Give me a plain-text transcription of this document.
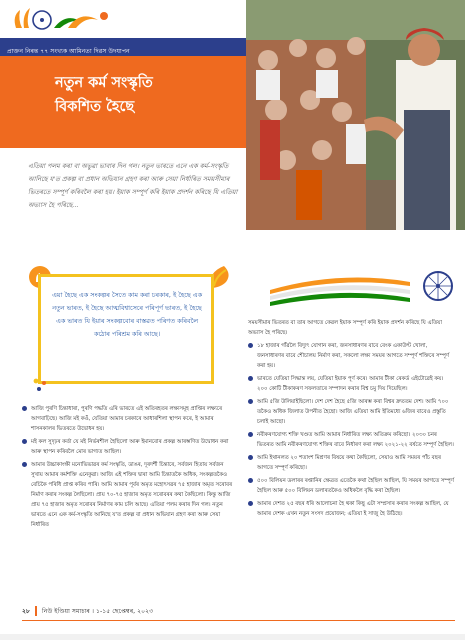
প্ৰাক্তন নিৰন্ত ৭৭ সংখ্যক আমিনতা দিৱস উদযাপন
নতুন কৰ্ম সংস্কৃতি
বিকশিত হৈছে
এতিয়া পলম কৰা বা অভুৱা ভাবাৰ দিন গল। নতুন ভাৰতে এনে এক কৰ্ম-সংস্কৃতি আনিছে য'ত প্ৰকল্প বা প্ৰধান অভিযান গ্ৰহণ কৰা আৰু সেয়া নিৰ্ধাৰিত সময়সীমাৰ ভিতৰতে সম্পূৰ্ণ কৰিবলৈ কৰা হয়। ইয়াক সম্পূৰ্ণ কৰি ইয়াক প্ৰদৰ্শন কৰিছে যি এতিয়া অভ্যাস হৈ পৰিছে...
এয়া হৈছে এক সংকল্পৰ সৈতে কাম কৰা চৰকাৰ, ই হৈছে এক নতুন ভাৰত, ই হৈছে আত্মবিশ্বাসেৰে পৰিপূৰ্ণ ভাৰত, ই হৈছে এক ভাৰত যি ইয়াৰ সংকল্পবোৰ বাস্তৱত পৰিণত কৰিবলৈ কঠোৰ পৰিশ্ৰম কৰি আছে।

সময়সীমাৰ ভিতৰত বা তাৰ আগতে কেৱল ইয়াক সম্পূৰ্ণ কৰি ইয়াক প্ৰদৰ্শন কৰিছে যি এতিয়া অভ্যাস হৈ পৰিছে।

১৮ হাজাৰ গাঁৱলৈ বিদ্যুৎ যোগান কৰা, জনসাধাৰণৰ বাবে বেংক একাউণ্ট খোলা, জনসাধাৰণৰ বাবে শৌচালয় নিৰ্মাণ কৰা, সকলো লক্ষ্য সময়ৰ আগতে সম্পূৰ্ণ শক্তিৰে সম্পূৰ্ণ কৰা হয়।
ভাৰতে যেতিয়া সিদ্ধান্ত লয়, যেতিয়া ইয়াক পূৰ্ণ কৰে। আমাৰ টীকা ৰেকৰ্ড এইটোৱেই কয়। ২০০ কোটি টীকাকৰণ সফলতাৰে সম্পাদন কৰাৰ বিশ্ব চমু দিয় দিয়েছিল।
আমি ৫জি উলিয়াইছিলো। দেশ দেশ হৈছে ৫জি আৰম্ভ কৰা বিশ্বৰ দ্ৰুততম দেশ। আমি ৭০০ তকৈও অধিক জিলাত উপনীত হৈছো। আজি এতিয়া আমি ইতিমধ্যে ৬জিৰ বাবেও প্ৰস্তুতি চলাই আছো।
নবীকৰণযোগ্য শক্তি খণ্ডত আমি আমাৰ নিৰ্ধাৰিত লক্ষ্য অতিক্ৰম কৰিছো। ২০৩০ চনৰ ভিতৰত আমি নবীকৰণযোগ্য শক্তিৰ বাবে নিৰ্ধাৰণ কৰা লক্ষ্য ২০২১-২২ বৰ্ষতে সম্পূৰ্ণ হৈছিল।
আমি ইথানলত ২০ শতাংশ মিশ্ৰণৰ বিষয়ে কথা কৈছিলো, সেয়াও আমি সময়ৰ পাঁচ বছৰ আগতে সম্পূৰ্ণ কৰিছো।
৫০০ বিলিয়ন ডলাৰৰ ৰপ্তানিৰ ক্ষেত্ৰত এতেকৈ কথা হৈছিল আছিল, যি সময়ৰ আগতে সম্পূৰ্ণ হৈছিল আৰু ৫০০ বিলিয়ন ডলাৰতকৈও অধিকলৈ বৃদ্ধি কৰা হৈছিল।
আমাৰ দেশত ২৫ বছৰ ধৰি আলোচনা হৈ থকা কিছু এটা সম্প্ৰসাৰ কৰাৰ সংকল্প আছিল, যে আমাৰ দেশক এখন নতুন সংসদ প্ৰয়োজন; এতিয়া ই সাজু হৈ উঠিছে।
আজি পুৰণি চিন্তাধাৰা, পুৰণি পদ্ধতি এৰি ভাৰতে এই অতিৰহতৰ লক্ষ্যসমূহ প্ৰাপ্তিৰ লক্ষ্যৰে আগবাঢ়িছে। আজি মই কওঁ, যেতিয়া আমাৰ চৰকাৰে আধাৰশিলা স্থাপন কৰে, ই আমাৰ শাসনকালৰ ভিতৰতে উদ্বোধন হয়।
মই কল সুদৃঢ়ৰ কৰ্তা যে মই নিৰ্ভৰশীল হৈছিলো আৰু ইমানবোৰ প্ৰকল্প আৰম্ভণিত উদ্বোধন কৰা আৰু স্থাপন কৰিবলৈ মোৰ ভাগ্যত আছিল।
আমাৰ উচ্চাকাংক্ষী মনোভিভাৱৰ কৰ্ম সংস্কৃতি, ডাঙৰ, দূৰদৰ্শী চিন্তাৰে, সৰ্বজন হিতায় সৰ্বজন সুখায় আমাৰ কৰ্মশক্তি এনেকুৱা। আজি এই শক্তিৰ দ্বাৰা আমি চিন্তাতকৈ অধিক, সংকল্পতকৈও বেচিকৈ পৰিধি প্ৰাপ্ত কৰিব পাৰি। আমি আমাৰ পূৰ্বৰ অমৃত মহোৎসৱৰ ৭৫ হাজাৰ অমৃত সৰোবৰ নিৰ্মাণ কৰাৰ সংকল্প লৈছিলো। প্ৰায় ৭০-৭৫ হাজাৰ অমৃত সৰোবৰৰ কথা কৈছিলো। কিন্তু আজি প্ৰায় ৭৫ হাজাৰ অমৃত সৰোবৰ নিৰ্মাণৰ কাম চলি আছে। এতিয়া পলম কৰাৰ দিন গল। নতুন ভাৰতে এনে এক কৰ্ম-সংস্কৃতি আনিছে য'ত প্ৰকল্প বা প্ৰধান অভিযান গ্ৰহণ কৰা আৰু সেয়া নিৰ্ধাৰিত
২৮ নিউ ইণ্ডিয়া সমাচাৰ । ১-১৫ ছেপ্তেম্বৰ, ২০২৩
